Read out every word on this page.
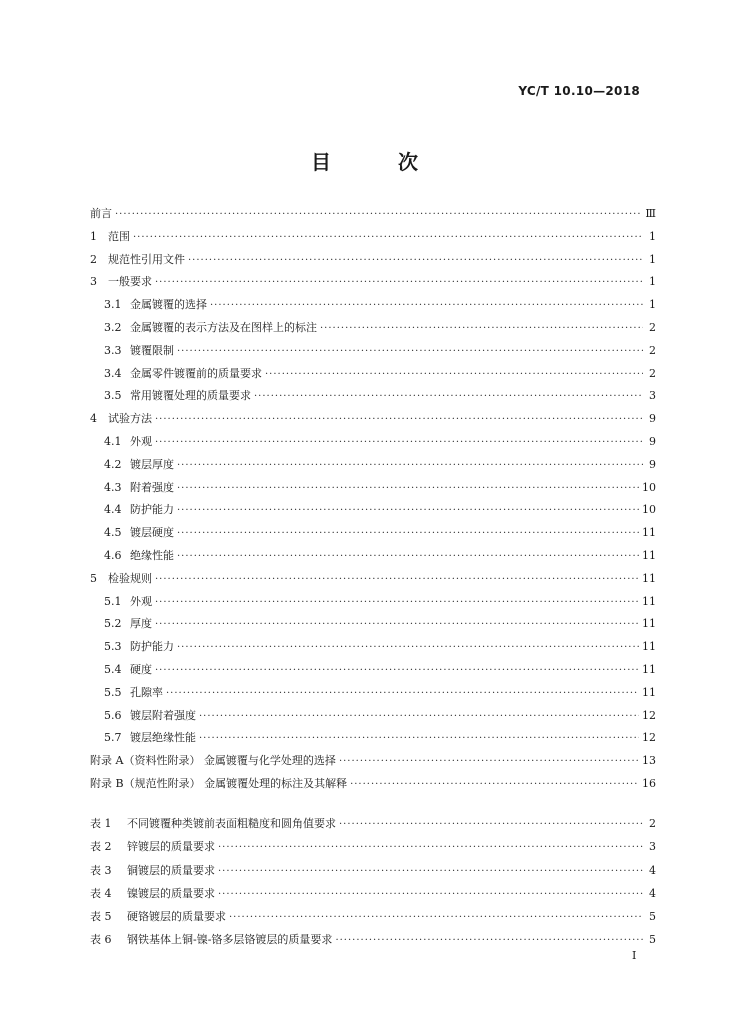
YC/T 10.10—2018
目 次
前言 ·····	Ⅲ
1	范围 ·····	1
2	规范性引用文件 ·····	1
3	一般要求 ·····	1
3.1 金属镀覆的选择 ·····	1
3.2 金属镀覆的表示方法及在图样上的标注 ·····	2
3.3 镀覆限制 ·····	2
3.4 金属零件镀覆前的质量要求 ·····	2
3.5 常用镀覆处理的质量要求 ·····	3
4	试验方法 ·····	9
4.1 外观 ·····	9
4.2 镀层厚度 ·····	9
4.3 附着强度 ·····	10
4.4 防护能力 ·····	10
4.5 镀层硬度 ·····	11
4.6 绝缘性能 ·····	11
5	检验规则 ·····	11
5.1 外观 ·····	11
5.2 厚度 ·····	11
5.3 防护能力 ·····	11
5.4 硬度 ·····	11
5.5 孔隙率 ·····	11
5.6 镀层附着强度 ·····	12
5.7 镀层绝缘性能 ·····	12
附录 A（资料性附录） 金属镀覆与化学处理的选择 ·····	13
附录 B（规范性附录） 金属镀覆处理的标注及其解释 ·····	16
表 1	不同镀覆种类镀前表面粗糙度和圆角值要求 ·····	2
表 2	锌镀层的质量要求 ·····	3
表 3	铜镀层的质量要求 ·····	4
表 4	镍镀层的质量要求 ·····	4
表 5	硬铬镀层的质量要求 ·····	5
表 6	钢铁基体上铜-镍-铬多层铬镀层的质量要求 ·····	5
I
